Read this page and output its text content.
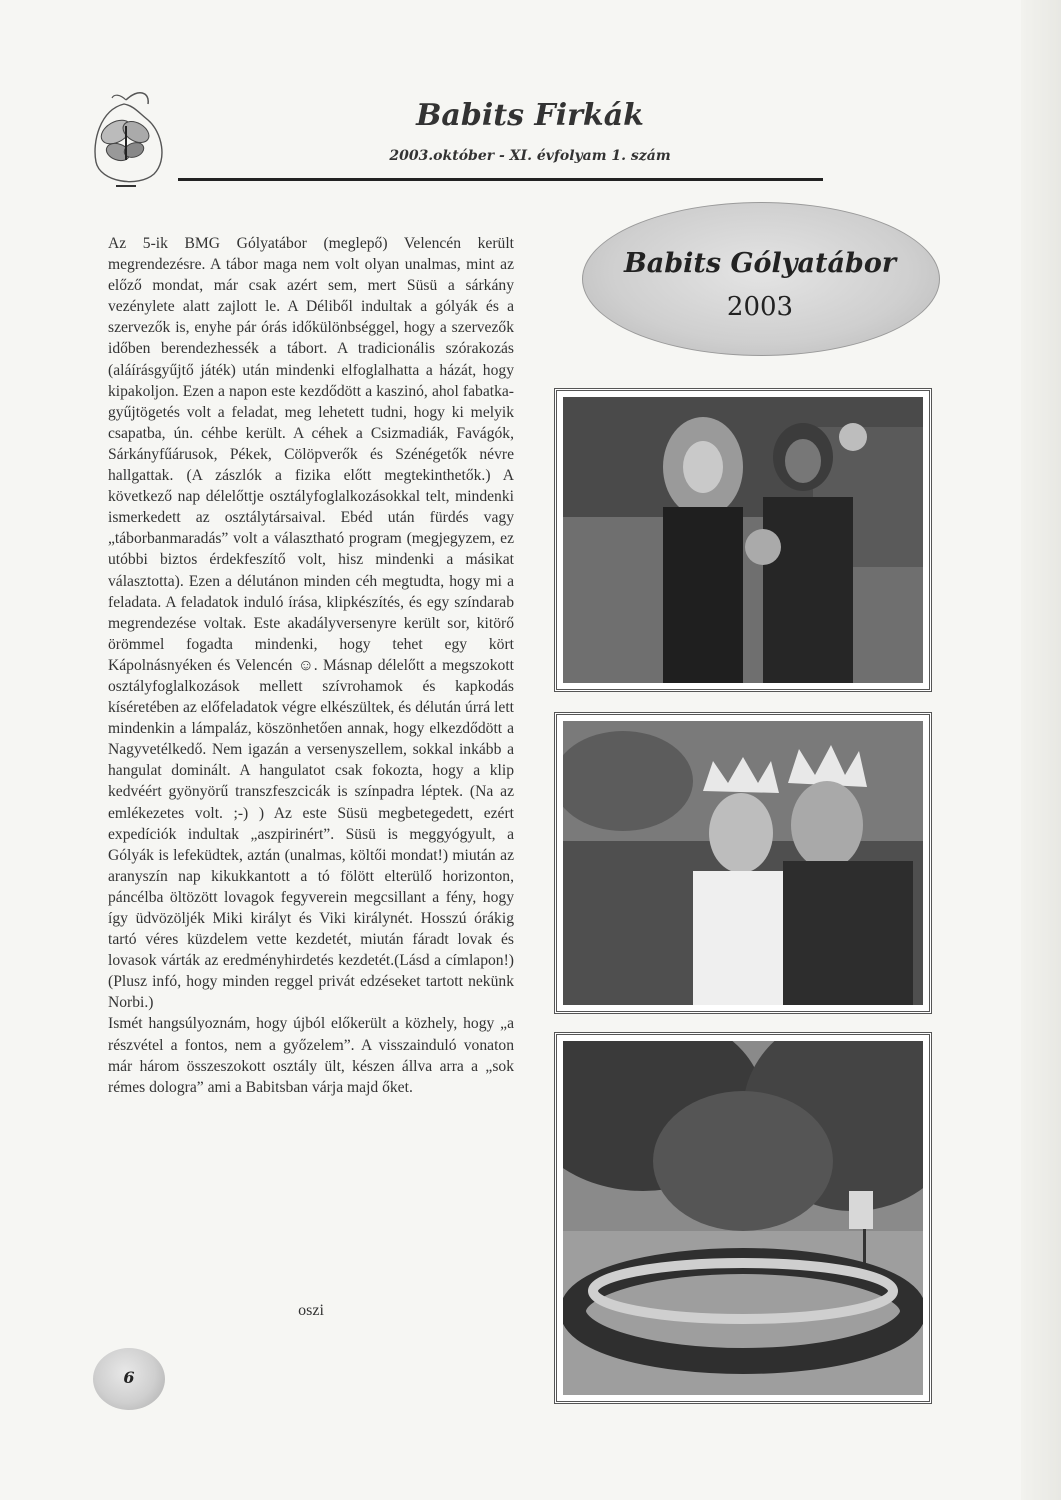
Babits Firkák
2003.október - XI. évfolyam 1. szám

Az 5-ik BMG Gólyatábor (meglepő) Velencén került megrendezésre. A tábor maga nem volt olyan unalmas, mint az előző mondat, már csak azért sem, mert Süsü a sárkány vezénylete alatt zajlott le. A Déliből indultak a gólyák és a szervezők is, enyhe pár órás időkülönbséggel, hogy a szervezők időben berendezhessék a tábort. A tradicionális szórakozás (aláírásgyűjtő játék) után mindenki elfoglalhatta a házát, hogy kipakoljon. Ezen a napon este kezdődött a kaszinó, ahol fabatka-gyűjtögetés volt a feladat, meg lehetett tudni, hogy ki melyik csapatba, ún. céhbe került. A céhek a Csizmadiák, Favágók, Sárkányfűárusok, Pékek, Cölöpverők és Szénégetők névre hallgattak. (A zászlók a fizika előtt megtekinthetők.) A következő nap délelőttje osztályfoglalkozásokkal telt, mindenki ismerkedett az osztálytársaival. Ebéd után fürdés vagy „táborbanmaradás” volt a választható program (megjegyzem, ez utóbbi biztos érdekfeszítő volt, hisz mindenki a másikat választotta). Ezen a délutánon minden céh megtudta, hogy mi a feladata. A feladatok induló írása, klipkészítés, és egy színdarab megrendezése voltak. Este akadályversenyre került sor, kitörő örömmel fogadta mindenki, hogy tehet egy kört Kápolnásnyéken és Velencén ☺. Másnap délelőtt a megszokott osztályfoglalkozások mellett szívrohamok és kapkodás kíséretében az előfeladatok végre elkészültek, és délután úrrá lett mindenkin a lámpaláz, köszönhetően annak, hogy elkezdődött a Nagyvetélkedő. Nem igazán a versenyszellem, sokkal inkább a hangulat dominált. A hangulatot csak fokozta, hogy a klip kedvéért gyönyörű transzfeszcicák is színpadra léptek. (Na az emlékezetes volt. ;-) ) Az este Süsü megbetegedett, ezért expedíciók indultak „aszpirinért”. Süsü is meggyógyult, a Gólyák is lefeküdtek, aztán (unalmas, költői mondat!) miután az aranyszín nap kikukkantott a tó fölött elterülő horizonton, páncélba öltözött lovagok fegyverein megcsillant a fény, hogy így üdvözöljék Miki királyt és Viki királynét. Hosszú órákig tartó véres küzdelem vette kezdetét, miután fáradt lovak és lovasok várták az eredményhirdetés kezdetét.(Lásd a címlapon!) (Plusz infó, hogy minden reggel privát edzéseket tartott nekünk Norbi.)

Ismét hangsúlyoznám, hogy újból előkerült a közhely, hogy „a részvétel a fontos, nem a győzelem”. A visszainduló vonaton már három összeszokott osztály ült, készen állva arra a „sok rémes dologra” ami a Babitsban várja majd őket.

oszi
Babits Gólyatábor
2003
6
